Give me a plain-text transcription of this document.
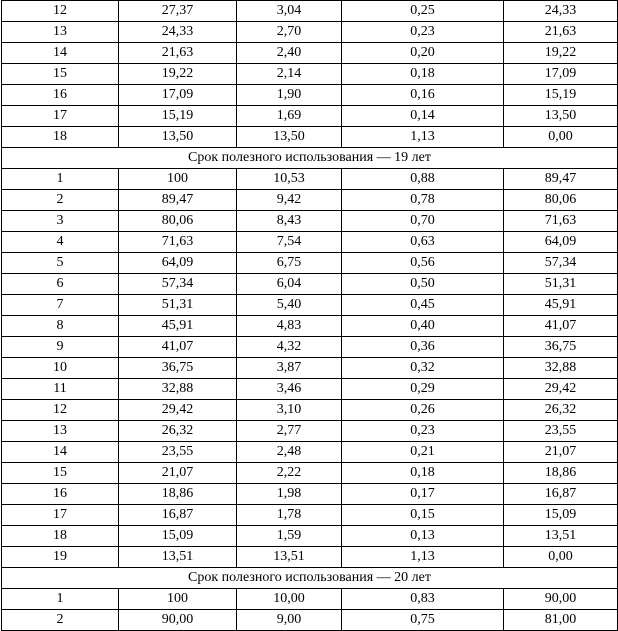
12	27,37	3,04	0,25	24,33
13	24,33	2,70	0,23	21,63
14	21,63	2,40	0,20	19,22
15	19,22	2,14	0,18	17,09
16	17,09	1,90	0,16	15,19
17	15,19	1,69	0,14	13,50
18	13,50	13,50	1,13	0,00
Срок полезного использования — 19 лет				
1	100	10,53	0,88	89,47
2	89,47	9,42	0,78	80,06
3	80,06	8,43	0,70	71,63
4	71,63	7,54	0,63	64,09
5	64,09	6,75	0,56	57,34
6	57,34	6,04	0,50	51,31
7	51,31	5,40	0,45	45,91
8	45,91	4,83	0,40	41,07
9	41,07	4,32	0,36	36,75
10	36,75	3,87	0,32	32,88
11	32,88	3,46	0,29	29,42
12	29,42	3,10	0,26	26,32
13	26,32	2,77	0,23	23,55
14	23,55	2,48	0,21	21,07
15	21,07	2,22	0,18	18,86
16	18,86	1,98	0,17	16,87
17	16,87	1,78	0,15	15,09
18	15,09	1,59	0,13	13,51
19	13,51	13,51	1,13	0,00
Срок полезного использования — 20 лет				
1	100	10,00	0,83	90,00
2	90,00	9,00	0,75	81,00
